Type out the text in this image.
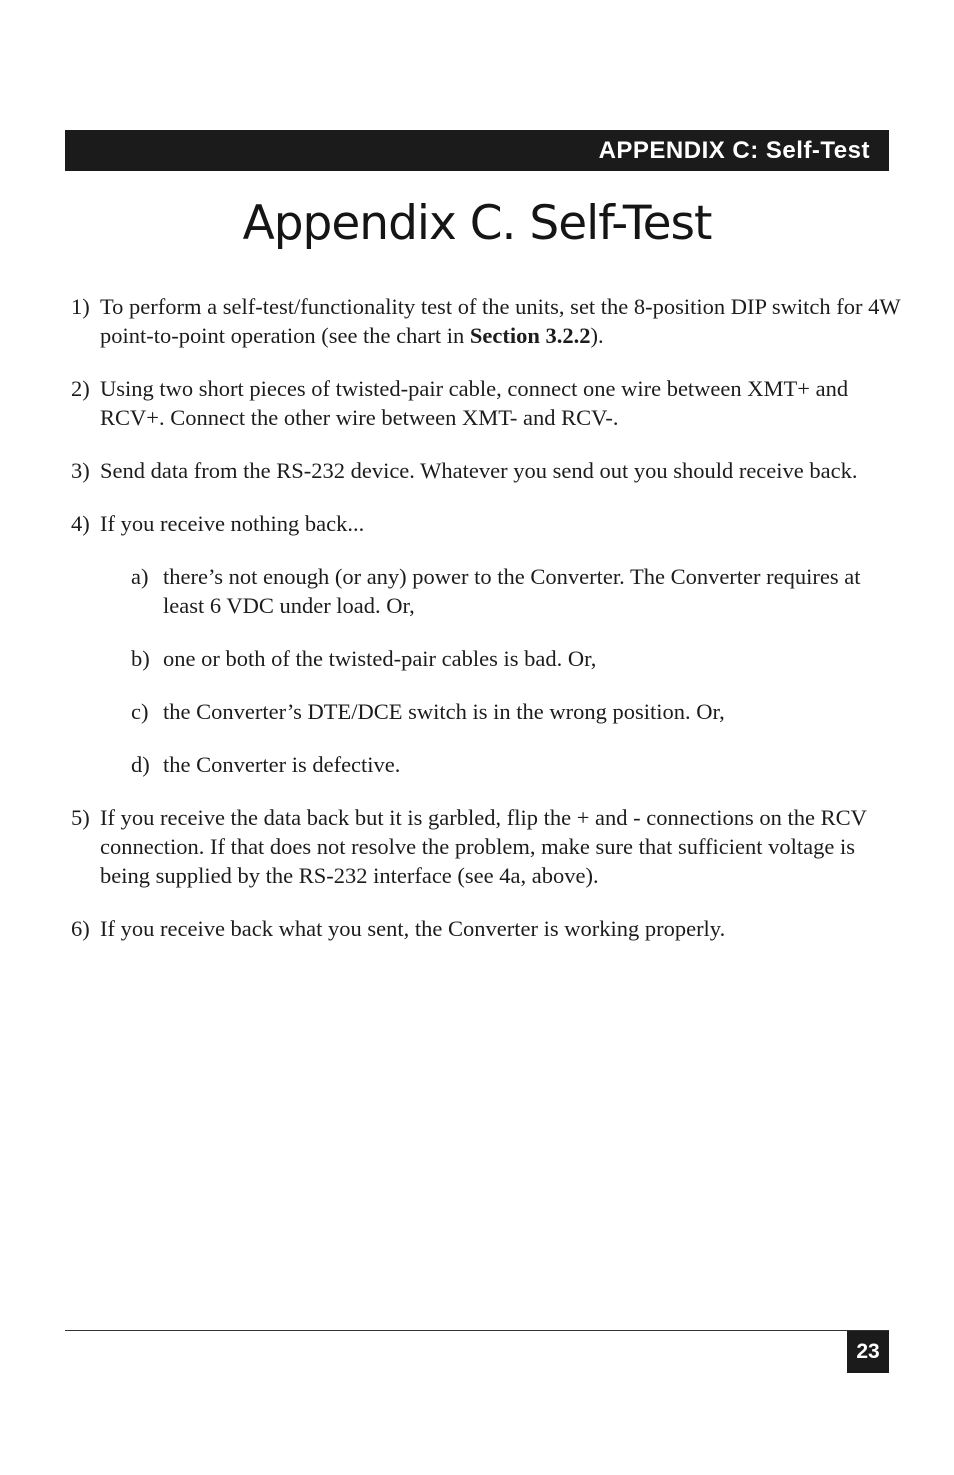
APPENDIX C: Self-Test
Appendix C. Self-Test
1) To perform a self-test/functionality test of the units, set the 8-position DIP switch for 4W point-to-point operation (see the chart in Section 3.2.2).
2) Using two short pieces of twisted-pair cable, connect one wire between XMT+ and RCV+. Connect the other wire between XMT- and RCV-.
3) Send data from the RS-232 device. Whatever you send out you should receive back.
4) If you receive nothing back...
a) there’s not enough (or any) power to the Converter. The Converter requires at least 6 VDC under load. Or,
b) one or both of the twisted-pair cables is bad. Or,
c) the Converter’s DTE/DCE switch is in the wrong position. Or,
d) the Converter is defective.
5) If you receive the data back but it is garbled, flip the + and - connections on the RCV connection. If that does not resolve the problem, make sure that sufficient voltage is being supplied by the RS-232 interface (see 4a, above).
6) If you receive back what you sent, the Converter is working properly.
23
